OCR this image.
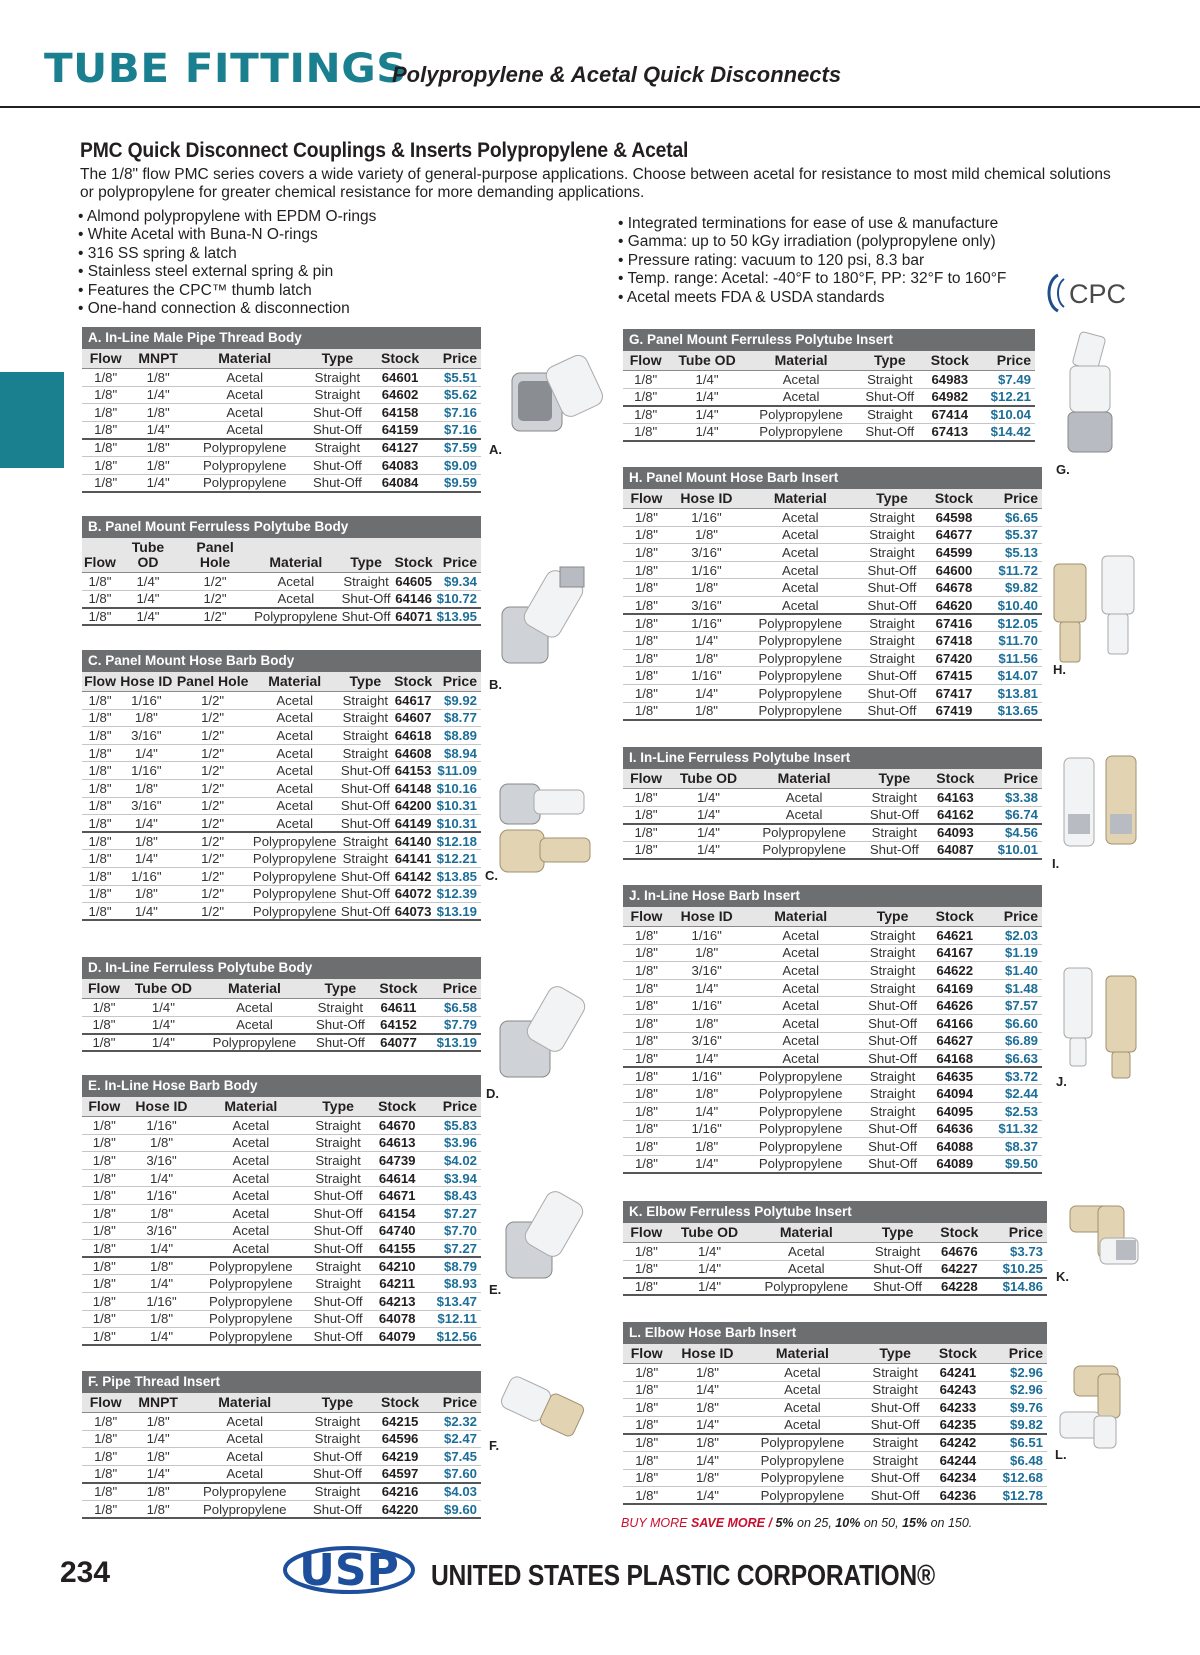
TUBE FITTINGS
Polypropylene & Acetal Quick Disconnects
PMC Quick Disconnect Couplings & Inserts Polypropylene & Acetal
The 1/8" flow PMC series covers a wide variety of general-purpose applications. Choose between acetal for resistance to most mild chemical solutions or polypropylene for greater chemical resistance for more demanding applications.
• Almond polypropylene with EPDM O-rings
• White Acetal with Buna-N O-rings
• 316 SS spring & latch
• Stainless steel external spring & pin
• Features the CPC™ thumb latch
• One-hand connection & disconnection
• Integrated terminations for ease of use & manufacture
• Gamma: up to 50 kGy irradiation (polypropylene only)
• Pressure rating: vacuum to 120 psi, 8.3 bar
• Temp. range: Acetal: -40°F to 180°F, PP: 32°F to 160°F
• Acetal meets FDA & USDA standards	CPC
A. In-Line Male Pipe Thread Body
Flow	MNPT	Material	Type	Stock	Price
1/8"	1/8"	Acetal	Straight	64601	$5.51
1/8"	1/4"	Acetal	Straight	64602	$5.62
1/8"	1/8"	Acetal	Shut-Off	64158	$7.16
1/8"	1/4"	Acetal	Shut-Off	64159	$7.16
1/8"	1/8"	Polypropylene	Straight	64127	$7.59
1/8"	1/8"	Polypropylene	Shut-Off	64083	$9.09
1/8"	1/4"	Polypropylene	Shut-Off	64084	$9.59
B. Panel Mount Ferruless Polytube Body
Flow	Tube OD	Panel Hole	Material	Type	Stock	Price
1/8"	1/4"	1/2"	Acetal	Straight	64605	$9.34
1/8"	1/4"	1/2"	Acetal	Shut-Off	64146	$10.72
1/8"	1/4"	1/2"	Polypropylene	Shut-Off	64071	$13.95
C. Panel Mount Hose Barb Body
Flow	Hose ID	Panel Hole	Material	Type	Stock	Price
1/8"	1/16"	1/2"	Acetal	Straight	64617	$9.92
1/8"	1/8"	1/2"	Acetal	Straight	64607	$8.77
1/8"	3/16"	1/2"	Acetal	Straight	64618	$8.89
1/8"	1/4"	1/2"	Acetal	Straight	64608	$8.94
1/8"	1/16"	1/2"	Acetal	Shut-Off	64153	$11.09
1/8"	1/8"	1/2"	Acetal	Shut-Off	64148	$10.16
1/8"	3/16"	1/2"	Acetal	Shut-Off	64200	$10.31
1/8"	1/4"	1/2"	Acetal	Shut-Off	64149	$10.31
1/8"	1/8"	1/2"	Polypropylene	Straight	64140	$12.18
1/8"	1/4"	1/2"	Polypropylene	Straight	64141	$12.21
1/8"	1/16"	1/2"	Polypropylene	Shut-Off	64142	$13.85
1/8"	1/8"	1/2"	Polypropylene	Shut-Off	64072	$12.39
1/8"	1/4"	1/2"	Polypropylene	Shut-Off	64073	$13.19
D. In-Line Ferruless Polytube Body
Flow	Tube OD	Material	Type	Stock	Price
1/8"	1/4"	Acetal	Straight	64611	$6.58
1/8"	1/4"	Acetal	Shut-Off	64152	$7.79
1/8"	1/4"	Polypropylene	Shut-Off	64077	$13.19
E. In-Line Hose Barb Body
Flow	Hose ID	Material	Type	Stock	Price
1/8"	1/16"	Acetal	Straight	64670	$5.83
1/8"	1/8"	Acetal	Straight	64613	$3.96
1/8"	3/16"	Acetal	Straight	64739	$4.02
1/8"	1/4"	Acetal	Straight	64614	$3.94
1/8"	1/16"	Acetal	Shut-Off	64671	$8.43
1/8"	1/8"	Acetal	Shut-Off	64154	$7.27
1/8"	3/16"	Acetal	Shut-Off	64740	$7.70
1/8"	1/4"	Acetal	Shut-Off	64155	$7.27
1/8"	1/8"	Polypropylene	Straight	64210	$8.79
1/8"	1/4"	Polypropylene	Straight	64211	$8.93
1/8"	1/16"	Polypropylene	Shut-Off	64213	$13.47
1/8"	1/8"	Polypropylene	Shut-Off	64078	$12.11
1/8"	1/4"	Polypropylene	Shut-Off	64079	$12.56
F. Pipe Thread Insert
Flow	MNPT	Material	Type	Stock	Price
1/8"	1/8"	Acetal	Straight	64215	$2.32
1/8"	1/4"	Acetal	Straight	64596	$2.47
1/8"	1/8"	Acetal	Shut-Off	64219	$7.45
1/8"	1/4"	Acetal	Shut-Off	64597	$7.60
1/8"	1/8"	Polypropylene	Straight	64216	$4.03
1/8"	1/8"	Polypropylene	Shut-Off	64220	$9.60
G. Panel Mount Ferruless Polytube Insert
Flow	Tube OD	Material	Type	Stock	Price
1/8"	1/4"	Acetal	Straight	64983	$7.49
1/8"	1/4"	Acetal	Shut-Off	64982	$12.21
1/8"	1/4"	Polypropylene	Straight	67414	$10.04
1/8"	1/4"	Polypropylene	Shut-Off	67413	$14.42
H. Panel Mount Hose Barb Insert
Flow	Hose ID	Material	Type	Stock	Price
1/8"	1/16"	Acetal	Straight	64598	$6.65
1/8"	1/8"	Acetal	Straight	64677	$5.37
1/8"	3/16"	Acetal	Straight	64599	$5.13
1/8"	1/16"	Acetal	Shut-Off	64600	$11.72
1/8"	1/8"	Acetal	Shut-Off	64678	$9.82
1/8"	3/16"	Acetal	Shut-Off	64620	$10.40
1/8"	1/16"	Polypropylene	Straight	67416	$12.05
1/8"	1/4"	Polypropylene	Straight	67418	$11.70
1/8"	1/8"	Polypropylene	Straight	67420	$11.56
1/8"	1/16"	Polypropylene	Shut-Off	67415	$14.07
1/8"	1/4"	Polypropylene	Shut-Off	67417	$13.81
1/8"	1/8"	Polypropylene	Shut-Off	67419	$13.65
I. In-Line Ferruless Polytube Insert
Flow	Tube OD	Material	Type	Stock	Price
1/8"	1/4"	Acetal	Straight	64163	$3.38
1/8"	1/4"	Acetal	Shut-Off	64162	$6.74
1/8"	1/4"	Polypropylene	Straight	64093	$4.56
1/8"	1/4"	Polypropylene	Shut-Off	64087	$10.01
J. In-Line Hose Barb Insert
Flow	Hose ID	Material	Type	Stock	Price
1/8"	1/16"	Acetal	Straight	64621	$2.03
1/8"	1/8"	Acetal	Straight	64167	$1.19
1/8"	3/16"	Acetal	Straight	64622	$1.40
1/8"	1/4"	Acetal	Straight	64169	$1.48
1/8"	1/16"	Acetal	Shut-Off	64626	$7.57
1/8"	1/8"	Acetal	Shut-Off	64166	$6.60
1/8"	3/16"	Acetal	Shut-Off	64627	$6.89
1/8"	1/4"	Acetal	Shut-Off	64168	$6.63
1/8"	1/16"	Polypropylene	Straight	64635	$3.72
1/8"	1/8"	Polypropylene	Straight	64094	$2.44
1/8"	1/4"	Polypropylene	Straight	64095	$2.53
1/8"	1/16"	Polypropylene	Shut-Off	64636	$11.32
1/8"	1/8"	Polypropylene	Shut-Off	64088	$8.37
1/8"	1/4"	Polypropylene	Shut-Off	64089	$9.50
K. Elbow Ferruless Polytube Insert
Flow	Tube OD	Material	Type	Stock	Price
1/8"	1/4"	Acetal	Straight	64676	$3.73
1/8"	1/4"	Acetal	Shut-Off	64227	$10.25
1/8"	1/4"	Polypropylene	Shut-Off	64228	$14.86
L. Elbow Hose Barb Insert
Flow	Hose ID	Material	Type	Stock	Price
1/8"	1/8"	Acetal	Straight	64241	$2.96
1/8"	1/4"	Acetal	Straight	64243	$2.96
1/8"	1/8"	Acetal	Shut-Off	64233	$9.76
1/8"	1/4"	Acetal	Shut-Off	64235	$9.82
1/8"	1/8"	Polypropylene	Straight	64242	$6.51
1/8"	1/4"	Polypropylene	Straight	64244	$6.48
1/8"	1/8"	Polypropylene	Shut-Off	64234	$12.68
1/8"	1/4"	Polypropylene	Shut-Off	64236	$12.78
A.
B.
C.
D.
E.
F.
G.
H.
I.
J.
K.
L.
BUY MORE SAVE MORE / 5% on 25, 10% on 50, 15% on 150.
234	USP UNITED STATES PLASTIC CORPORATION®
